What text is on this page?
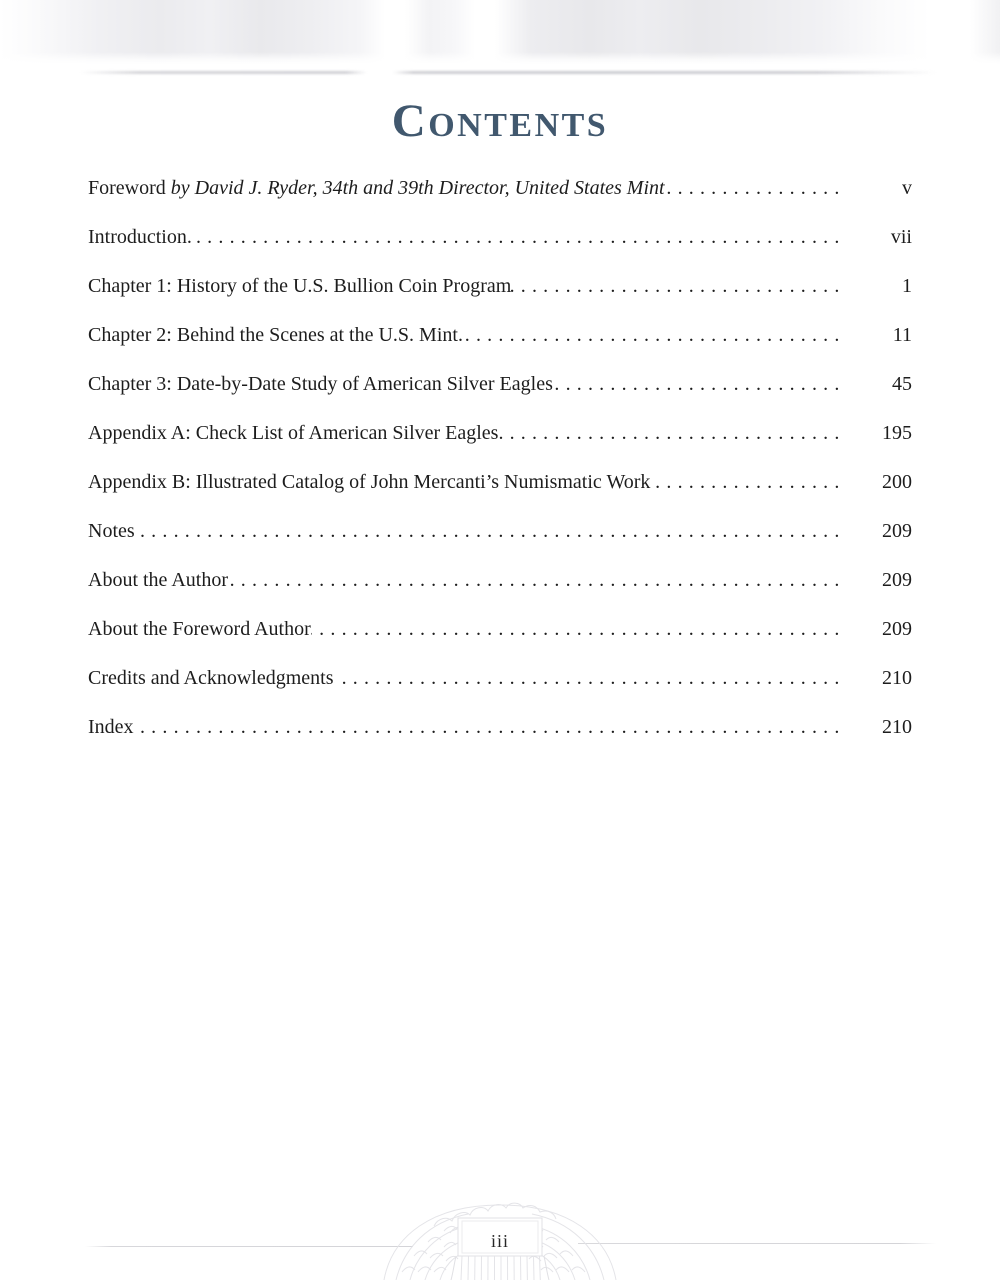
CONTENTS
Foreword by David J. Ryder, 34th and 39th Director, United States Mint . . .	v
Introduction. . . .	vii
Chapter 1: History of the U.S. Bullion Coin Program . . .	1
Chapter 2: Behind the Scenes at the U.S. Mint. . . .	11
Chapter 3: Date-by-Date Study of American Silver Eagles . . .	45
Appendix A: Check List of American Silver Eagles. . . .	195
Appendix B: Illustrated Catalog of John Mercanti’s Numismatic Work . . .	200
Notes . . .	209
About the Author . . .	209
About the Foreword Author . . .	209
Credits and Acknowledgments . . .	210
Index . . .	210
iii
